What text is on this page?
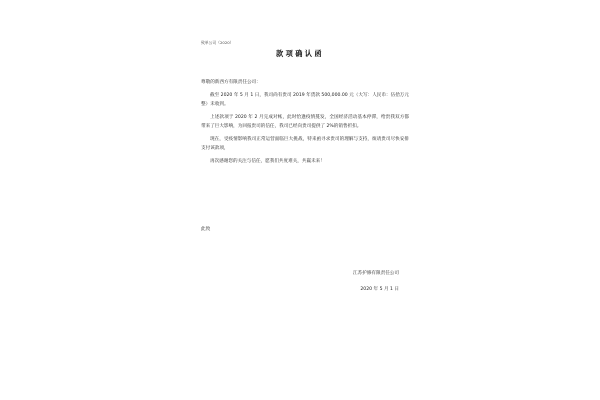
致单公司（2020）
款项确认函

尊敬的新西方有限责任公司：

截至 2020 年 5 月 1 日，我司尚有贵司 2019 年货款 500,000.00 元（大写：人民币：伍拾万元整）未收到。

上述款项于 2020 年 2 月完成对帐，此时恰逢疫情蔓发，全国经济活动基本停滞，给贵我双方都带来了巨大影响，为回报贵司的信任，我司已经向贵司提供了 2%的销售折扣。

现在，受疫情影响我司正常运营面临巨大挑战，特来函寻求贵司的理解与支持，烦请贵司尽快安排支付该款项，

再次感谢您的关注与信任，愿我们共度难关，共赢未来！

此致
江苏护修有限责任公司
2020 年 5 月 1 日
